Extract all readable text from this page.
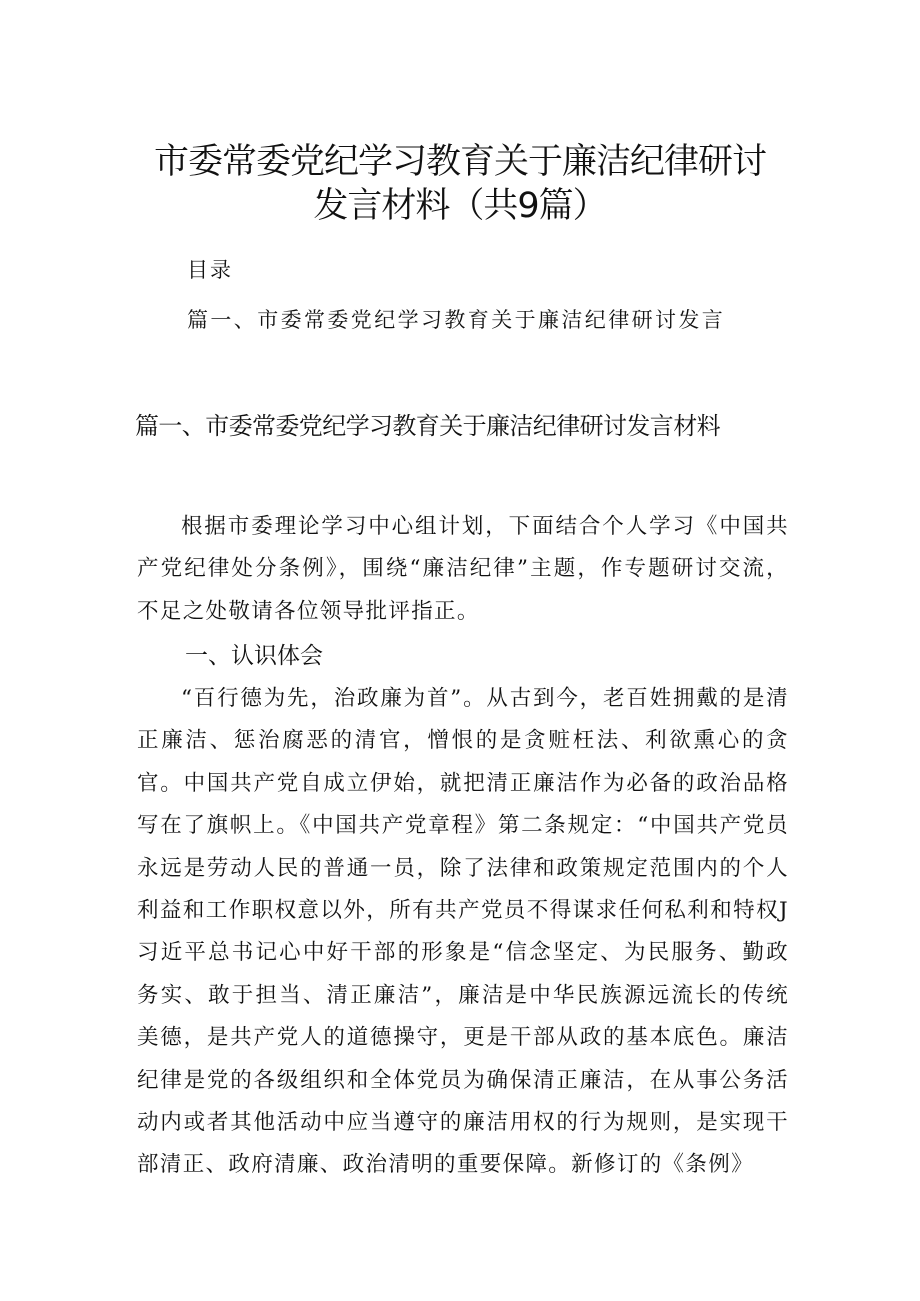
市委常委党纪学习教育关于廉洁纪律研讨
发言材料（共9篇）
目录
篇一、市委常委党纪学习教育关于廉洁纪律研讨发言
篇一、市委常委党纪学习教育关于廉洁纪律研讨发言材料

根据市委理论学习中心组计划，下面结合个人学习《中国共产党纪律处分条例》，围绕“廉洁纪律”主题，作专题研讨交流，不足之处敬请各位领导批评指正。

一、认识体会

“百行德为先，治政廉为首”。从古到今，老百姓拥戴的是清正廉洁、惩治腐恶的清官，憎恨的是贪赃枉法、利欲熏心的贪官。中国共产党自成立伊始，就把清正廉洁作为必备的政治品格写在了旗帜上。《中国共产党章程》第二条规定：“中国共产党员永远是劳动人民的普通一员，除了法律和政策规定范围内的个人利益和工作职权意以外，所有共产党员不得谋求任何私利和特权J习近平总书记心中好干部的形象是“信念坚定、为民服务、勤政务实、敢于担当、清正廉洁”，廉洁是中华民族源远流长的传统美德，是共产党人的道德操守，更是干部从政的基本底色。廉洁纪律是党的各级组织和全体党员为确保清正廉洁，在从事公务活动内或者其他活动中应当遵守的廉洁用权的行为规则，是实现干部清正、政府清廉、政治清明的重要保障。新修订的《条例》
